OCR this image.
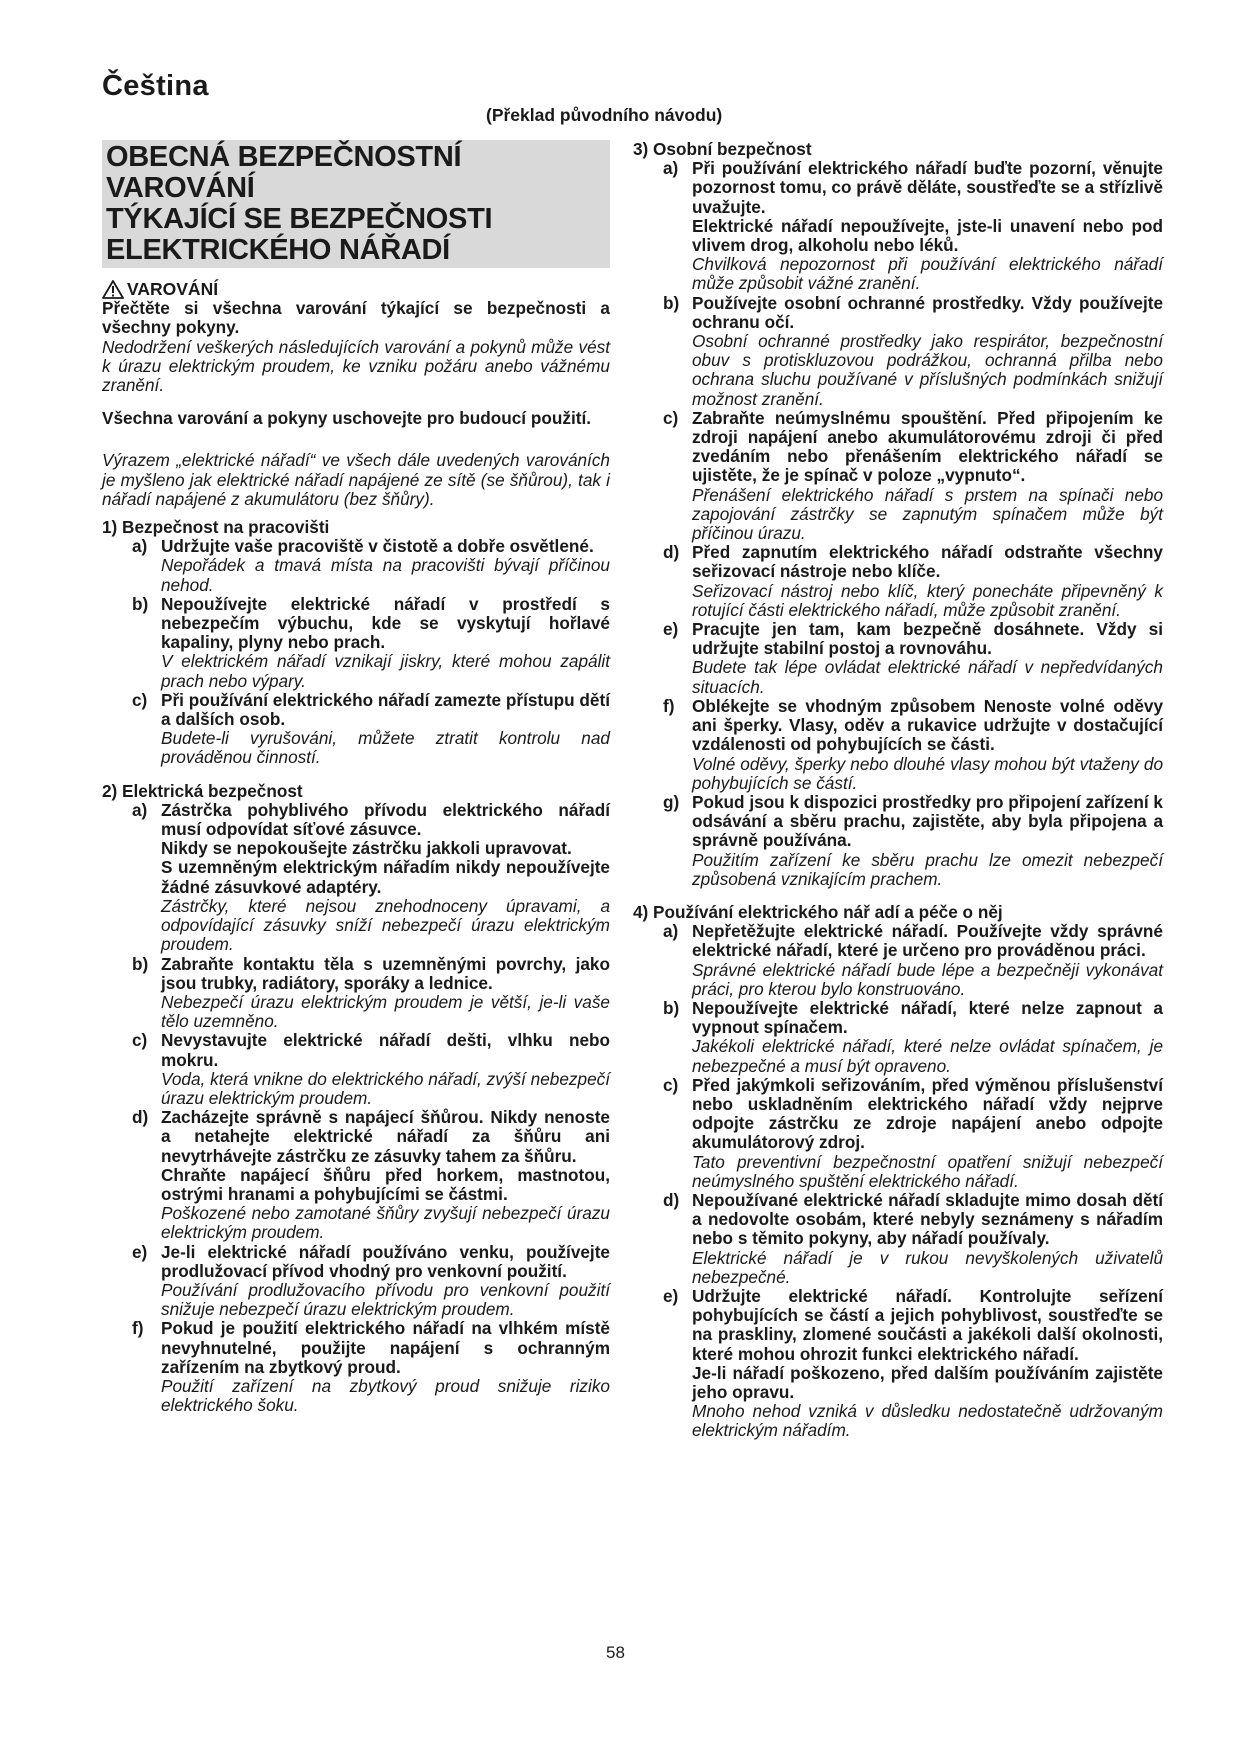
Čeština
(Překlad původního návodu)
OBECNÁ BEZPEČNOSTNÍ VAROVÁNÍ
TÝKAJÍCÍ SE BEZPEČNOSTI
ELEKTRICKÉHO NÁŘADÍ
VAROVÁNÍ

Přečtěte si všechna varování týkající se bezpečnosti a všechny pokyny.

Nedodržení veškerých následujících varování a pokynů může vést k úrazu elektrickým proudem, ke vzniku požáru anebo vážnému zranění.

Všechna varování a pokyny uschovejte pro budoucí použití.

Výrazem „elektrické nářadí“ ve všech dále uvedených varováních je myšleno jak elektrické nářadí napájené ze sítě (se šňůrou), tak i nářadí napájené z akumulátoru (bez šňůry).

1) Bezpečnost na pracovišti
a) Udržujte vaše pracoviště v čistotě a dobře osvětlené.

Nepořádek a tmavá místa na pracovišti bývají příčinou nehod.

b) Nepoužívejte elektrické nářadí v prostředí s nebezpečím výbuchu, kde se vyskytují hořlavé kapaliny, plyny nebo prach.

V elektrickém nářadí vznikají jiskry, které mohou zapálit prach nebo výpary.

c) Při používání elektrického nářadí zamezte přístupu dětí a dalších osob.

Budete-li vyrušováni, můžete ztratit kontrolu nad prováděnou činností.

2) Elektrická bezpečnost
a) Zástrčka pohyblivého přívodu elektrického nářadí musí odpovídat síťové zásuvce.

Nikdy se nepokoušejte zástrčku jakkoli upravovat.

S uzemněným elektrickým nářadím nikdy nepoužívejte žádné zásuvkové adaptéry.

Zástrčky, které nejsou znehodnoceny úpravami, a odpovídající zásuvky sníží nebezpečí úrazu elektrickým proudem.

b) Zabraňte kontaktu těla s uzemněnými povrchy, jako jsou trubky, radiátory, sporáky a lednice.

Nebezpečí úrazu elektrickým proudem je větší, je-li vaše tělo uzemněno.

c) Nevystavujte elektrické nářadí dešti, vlhku nebo mokru.

Voda, která vnikne do elektrického nářadí, zvýší nebezpečí úrazu elektrickým proudem.

d) Zacházejte správně s napájecí šňůrou. Nikdy nenoste a netahejte elektrické nářadí za šňůru ani nevytrhávejte zástrčku ze zásuvky tahem za šňůru.

Chraňte napájecí šňůru před horkem, mastnotou, ostrými hranami a pohybujícími se částmi.

Poškozené nebo zamotané šňůry zvyšují nebezpečí úrazu elektrickým proudem.

e) Je-li elektrické nářadí používáno venku, používejte prodlužovací přívod vhodný pro venkovní použití.

Používání prodlužovacího přívodu pro venkovní použití snižuje nebezpečí úrazu elektrickým proudem.

f)	Pokud je použití elektrického nářadí na vlhkém místě nevyhnutelné, použijte napájení s ochranným zařízením na zbytkový proud.

Použití zařízení na zbytkový proud snižuje riziko elektrického šoku.

3) Osobní bezpečnost
a) Při používání elektrického nářadí buďte pozorní, věnujte pozornost tomu, co právě děláte, soustřeďte se a střízlivě uvažujte.

Elektrické nářadí nepoužívejte, jste-li unavení nebo pod vlivem drog, alkoholu nebo léků.

Chvilková nepozornost při používání elektrického nářadí může způsobit vážné zranění.

b) Používejte osobní ochranné prostředky. Vždy používejte ochranu očí.

Osobní ochranné prostředky jako respirátor, bezpečnostní obuv s protiskluzovou podrážkou, ochranná přilba nebo ochrana sluchu používané v příslušných podmínkách snižují možnost zranění.

c) Zabraňte neúmyslnému spouštění. Před připojením ke zdroji napájení anebo akumulátorovému zdroji či před zvedáním nebo přenášením elektrického nářadí se ujistěte, že je spínač v poloze „vypnuto“.

Přenášení elektrického nářadí s prstem na spínači nebo zapojování zástrčky se zapnutým spínačem může být příčinou úrazu.

d) Před zapnutím elektrického nářadí odstraňte všechny seřizovací nástroje nebo klíče.

Seřizovací nástroj nebo klíč, který ponecháte připevněný k rotující části elektrického nářadí, může způsobit zranění.

e) Pracujte jen tam, kam bezpečně dosáhnete. Vždy si udržujte stabilní postoj a rovnováhu.

Budete tak lépe ovládat elektrické nářadí v nepředvídaných situacích.

f)	Oblékejte se vhodným způsobem Nenoste volné oděvy ani šperky. Vlasy, oděv a rukavice udržujte v dostačující vzdálenosti od pohybujících se části.

Volné oděvy, šperky nebo dlouhé vlasy mohou být vtaženy do pohybujících se částí.

g) Pokud jsou k dispozici prostředky pro připojení zařízení k odsávání a sběru prachu, zajistěte, aby byla připojena a správně používána.

Použitím zařízení ke sběru prachu lze omezit nebezpečí způsobená vznikajícím prachem.

4) Používání elektrického nář adí a péče o něj
a) Nepřetěžujte elektrické nářadí. Používejte vždy správné elektrické nářadí, které je určeno pro prováděnou práci.

Správné elektrické nářadí bude lépe a bezpečněji vykonávat práci, pro kterou bylo konstruováno.

b) Nepoužívejte elektrické nářadí, které nelze zapnout a vypnout spínačem.

Jakékoli elektrické nářadí, které nelze ovládat spínačem, je nebezpečné a musí být opraveno.

c) Před jakýmkoli seřizováním, před výměnou příslušenství nebo uskladněním elektrického nářadí vždy nejprve odpojte zástrčku ze zdroje napájení anebo odpojte akumulátorový zdroj.

Tato preventivní bezpečnostní opatření snižují nebezpečí neúmyslného spuštění elektrického nářadí.

d) Nepoužívané elektrické nářadí skladujte mimo dosah dětí a nedovolte osobám, které nebyly seznámeny s nářadím nebo s těmito pokyny, aby nářadí používaly.

Elektrické nářadí je v rukou nevyškolených uživatelů nebezpečné.

e) Udržujte elektrické nářadí. Kontrolujte seřízení pohybujících se částí a jejich pohyblivost, soustřeďte se na praskliny, zlomené součásti a jakékoli další okolnosti, které mohou ohrozit funkci elektrického nářadí.

Je-li nářadí poškozeno, před dalším používáním zajistěte jeho opravu.

Mnoho nehod vzniká v důsledku nedostatečně udržovaným elektrickým nářadím.

58
